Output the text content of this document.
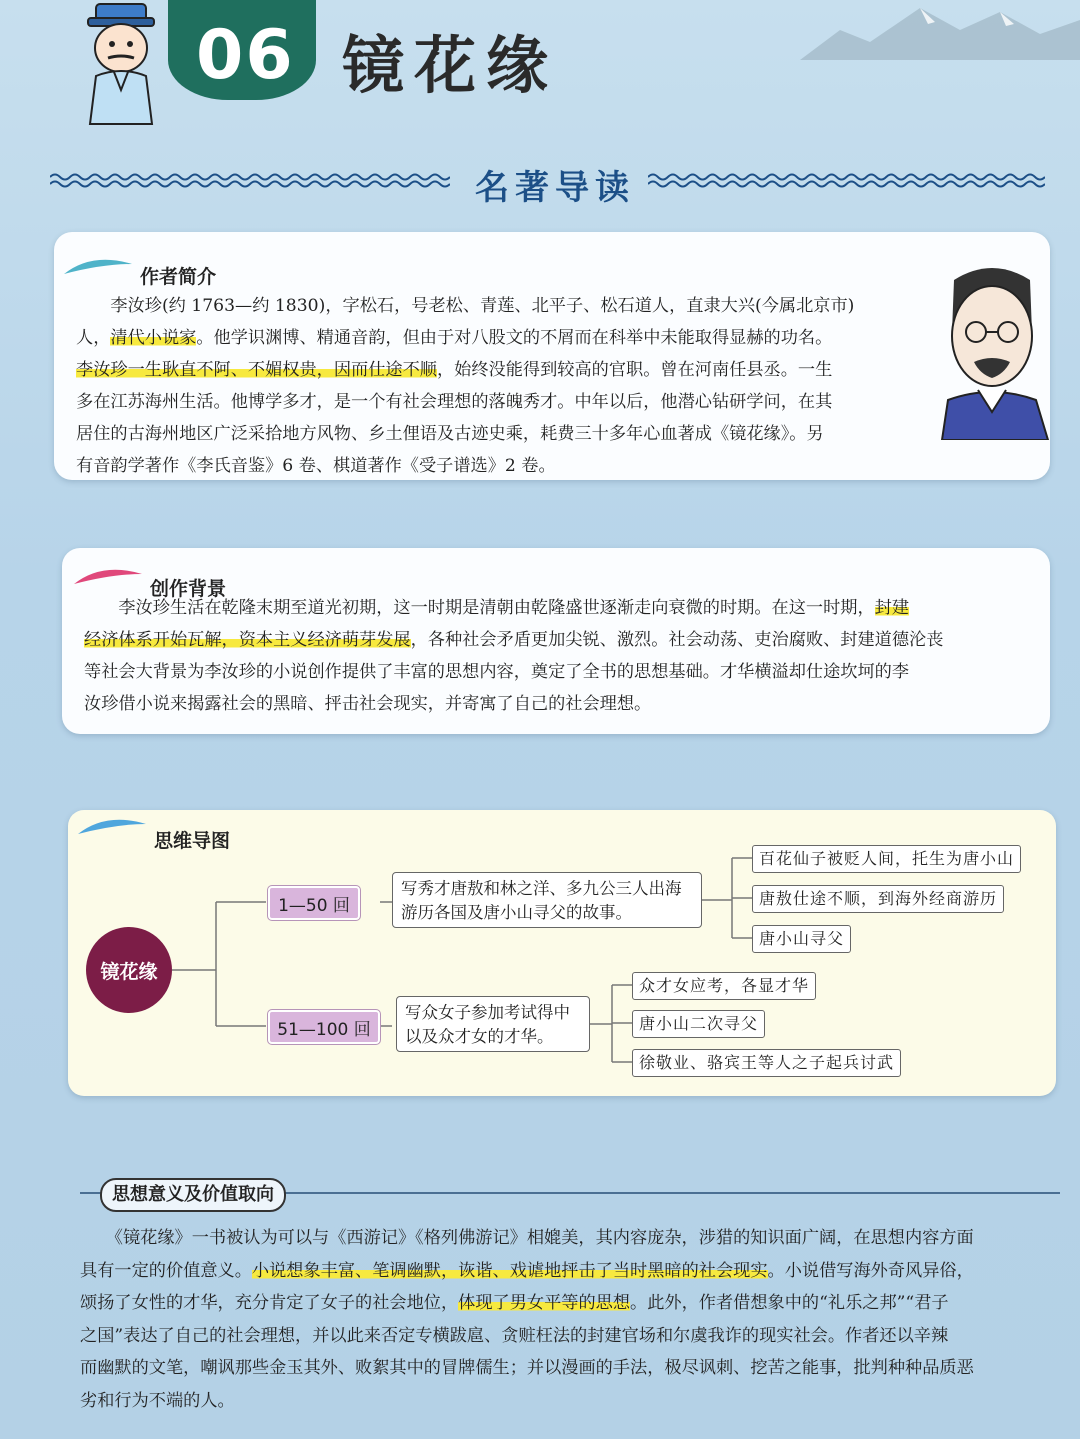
06 镜花缘
名著导读
作者简介
　　李汝珍(约 1763—约 1830)，字松石，号老松、青莲、北平子、松石道人，直隶大兴(今属北京市)
人，清代小说家。他学识渊博、精通音韵，但由于对八股文的不屑而在科举中未能取得显赫的功名。
李汝珍一生耿直不阿、不媚权贵，因而仕途不顺，始终没能得到较高的官职。曾在河南任县丞。一生
多在江苏海州生活。他博学多才，是一个有社会理想的落魄秀才。中年以后，他潜心钻研学问，在其
居住的古海州地区广泛采拾地方风物、乡土俚语及古迹史乘，耗费三十多年心血著成《镜花缘》。另
有音韵学著作《李氏音鉴》6 卷、棋道著作《受子谱选》2 卷。
创作背景
　　李汝珍生活在乾隆末期至道光初期，这一时期是清朝由乾隆盛世逐渐走向衰微的时期。在这一时期，封建
经济体系开始瓦解，资本主义经济萌芽发展，各种社会矛盾更加尖锐、激烈。社会动荡、吏治腐败、封建道德沦丧
等社会大背景为李汝珍的小说创作提供了丰富的思想内容，奠定了全书的思想基础。才华横溢却仕途坎坷的李
汝珍借小说来揭露社会的黑暗、抨击社会现实，并寄寓了自己的社会理想。
思维导图
镜花缘
1—50 回
51—100 回
写秀才唐敖和林之洋、多九公三人出海游历各国及唐小山寻父的故事。
写众女子参加考试得中以及众才女的才华。
百花仙子被贬人间，托生为唐小山
唐敖仕途不顺，到海外经商游历
唐小山寻父
众才女应考，各显才华
唐小山二次寻父
徐敬业、骆宾王等人之子起兵讨武
思想意义及价值取向
　　《镜花缘》一书被认为可以与《西游记》《格列佛游记》相媲美，其内容庞杂，涉猎的知识面广阔，在思想内容方面
具有一定的价值意义。小说想象丰富、笔调幽默，诙谐、戏谑地抨击了当时黑暗的社会现实。小说借写海外奇风异俗，
颂扬了女性的才华，充分肯定了女子的社会地位，体现了男女平等的思想。此外，作者借想象中的“礼乐之邦”“君子
之国”表达了自己的社会理想，并以此来否定专横跋扈、贪赃枉法的封建官场和尔虞我诈的现实社会。作者还以辛辣
而幽默的文笔，嘲讽那些金玉其外、败絮其中的冒牌儒生；并以漫画的手法，极尽讽刺、挖苦之能事，批判种种品质恶
劣和行为不端的人。
